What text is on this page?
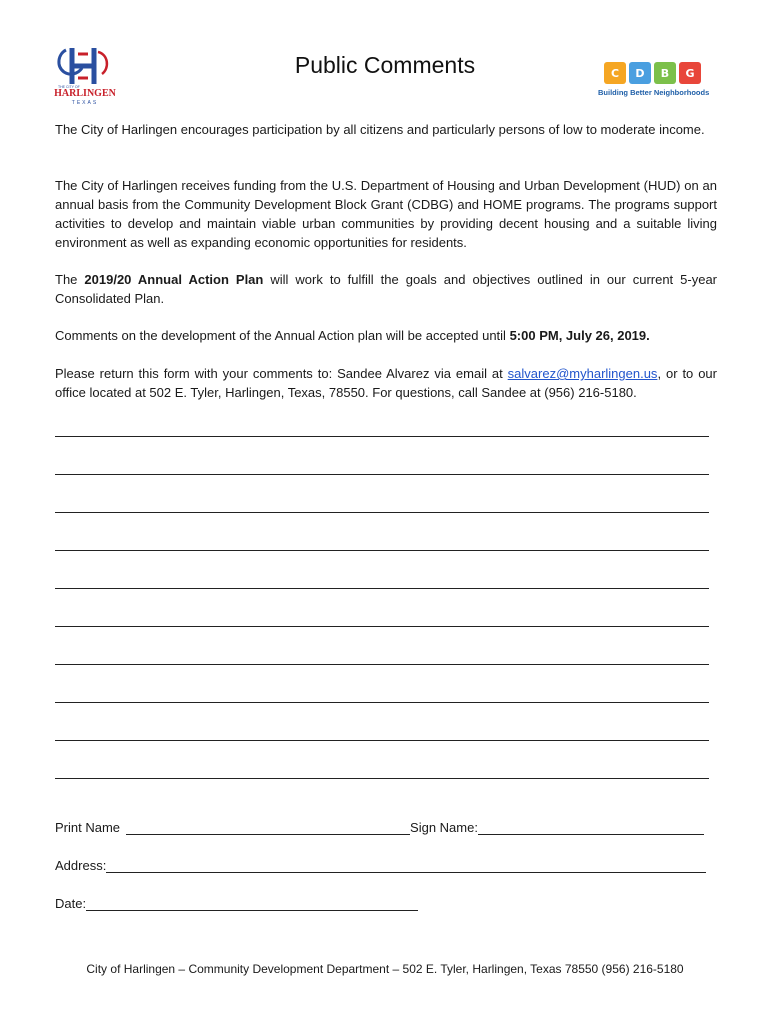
HARLINGEN
TEXAS
THE CITY OF
Public Comments	C	D	B	G
Building Better Neighborhoods
The City of Harlingen encourages participation by all citizens and particularly persons of low to moderate income.
The City of Harlingen receives funding from the U.S. Department of Housing and Urban Development (HUD) on an annual basis from the Community Development Block Grant (CDBG) and HOME programs. The programs support activities to develop and maintain viable urban communities by providing decent housing and a suitable living environment as well as expanding economic opportunities for residents.
The 2019/20 Annual Action Plan will work to fulfill the goals and objectives outlined in our current 5-year Consolidated Plan.
Comments on the development of the Annual Action plan will be accepted until 5:00 PM, July 26, 2019.
Please return this form with your comments to: Sandee Alvarez via email at salvarez@myharlingen.us, or to our office located at 502 E. Tyler, Harlingen, Texas, 78550. For questions, call Sandee at (956) 216-5180.
Print Name	Sign Name:
Address:
Date:
City of Harlingen – Community Development Department – 502 E. Tyler, Harlingen, Texas 78550 (956) 216-5180
